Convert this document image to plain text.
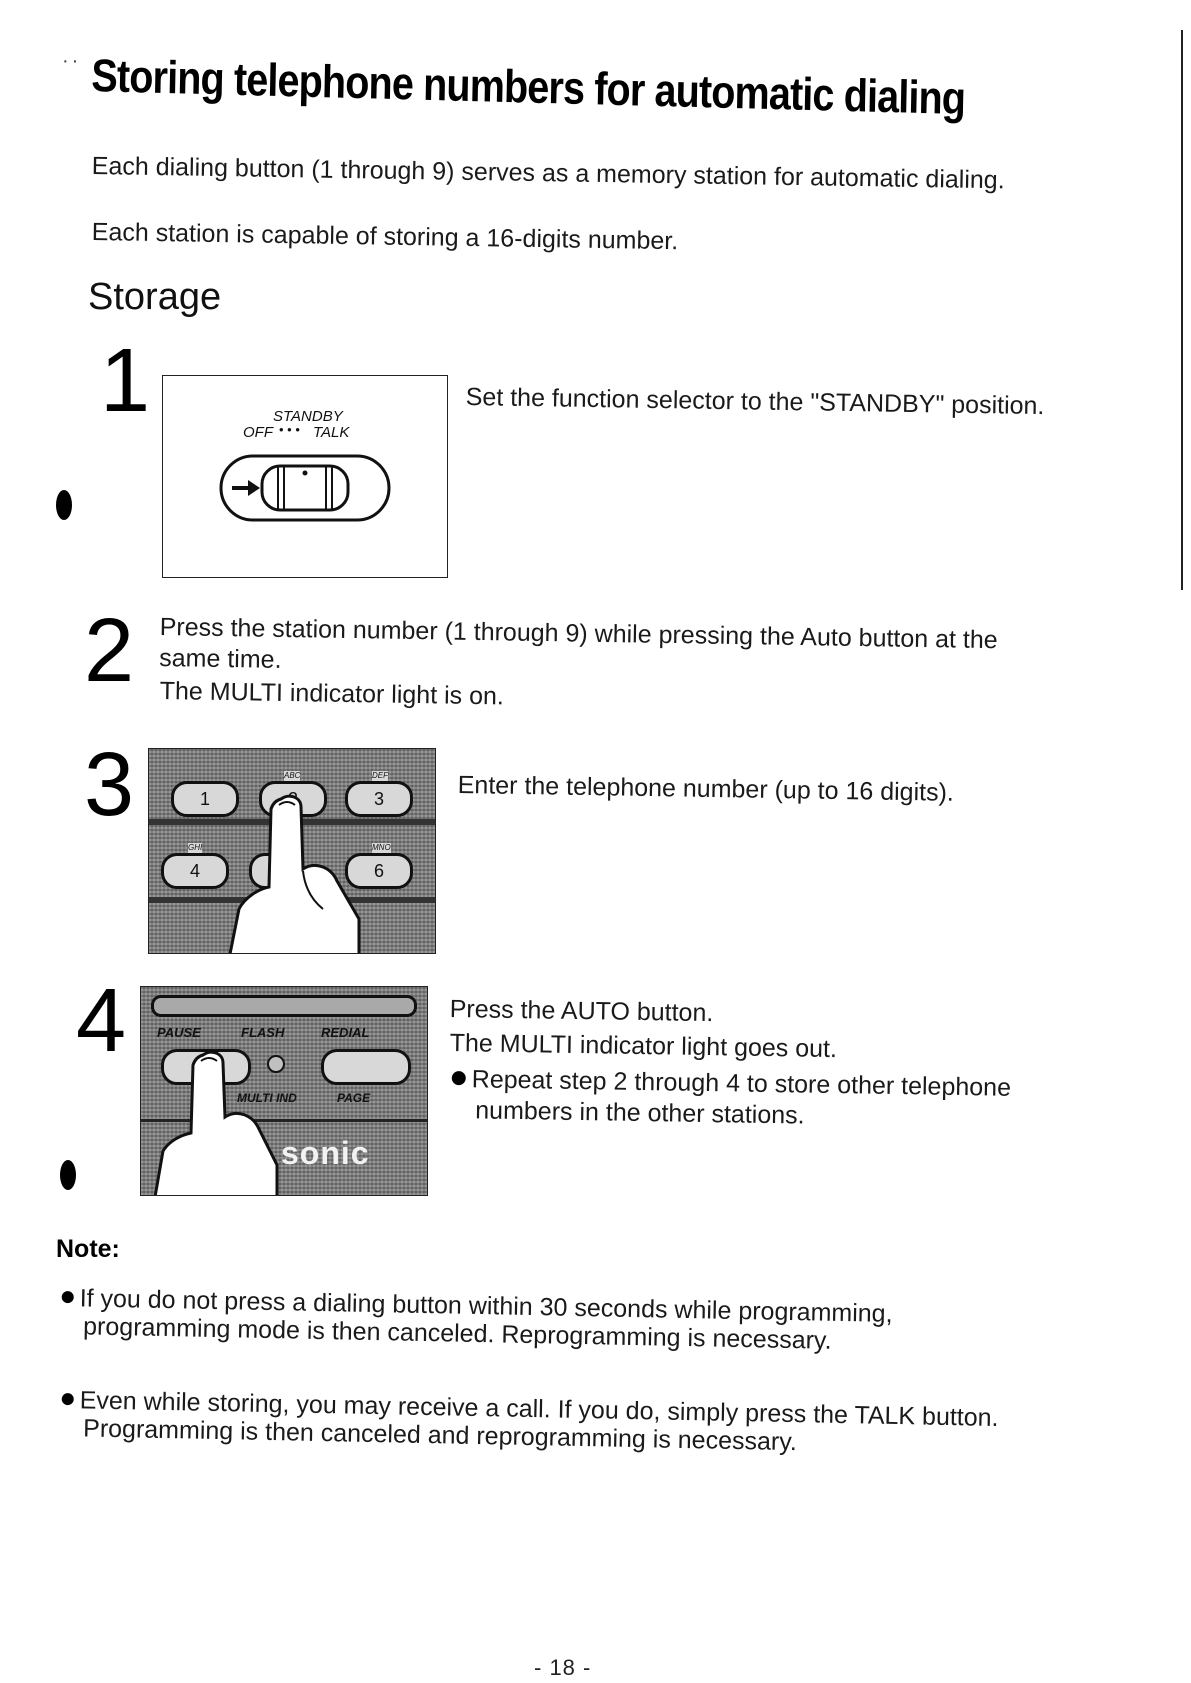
·· Storing telephone numbers for automatic dialing
Each dialing button (1 through 9) serves as a memory station for automatic dialing.
Each station is capable of storing a 16-digits number.
Storage
1	STANDBY
OFF • • • TALK
Set the function selector to the "STANDBY" position.
2 Press the station number (1 through 9) while pressing the Auto button at the same time.
The MULTI indicator light is on.
3	1
ABC	DEF
3
GHI
4
MNO
6
Enter the telephone number (up to 16 digits).
4 PAUSE	FLASH	REDIAL
MULTI IND	PAGE
sonic
Press the AUTO button.
The MULTI indicator light goes out.
Repeat step 2 through 4 to store other telephone numbers in the other stations.
Note:
If you do not press a dialing button within 30 seconds while programming, programming mode is then canceled. Reprogramming is necessary.
Even while storing, you may receive a call. If you do, simply press the TALK button. Programming is then canceled and reprogramming is necessary.
- 18 -
